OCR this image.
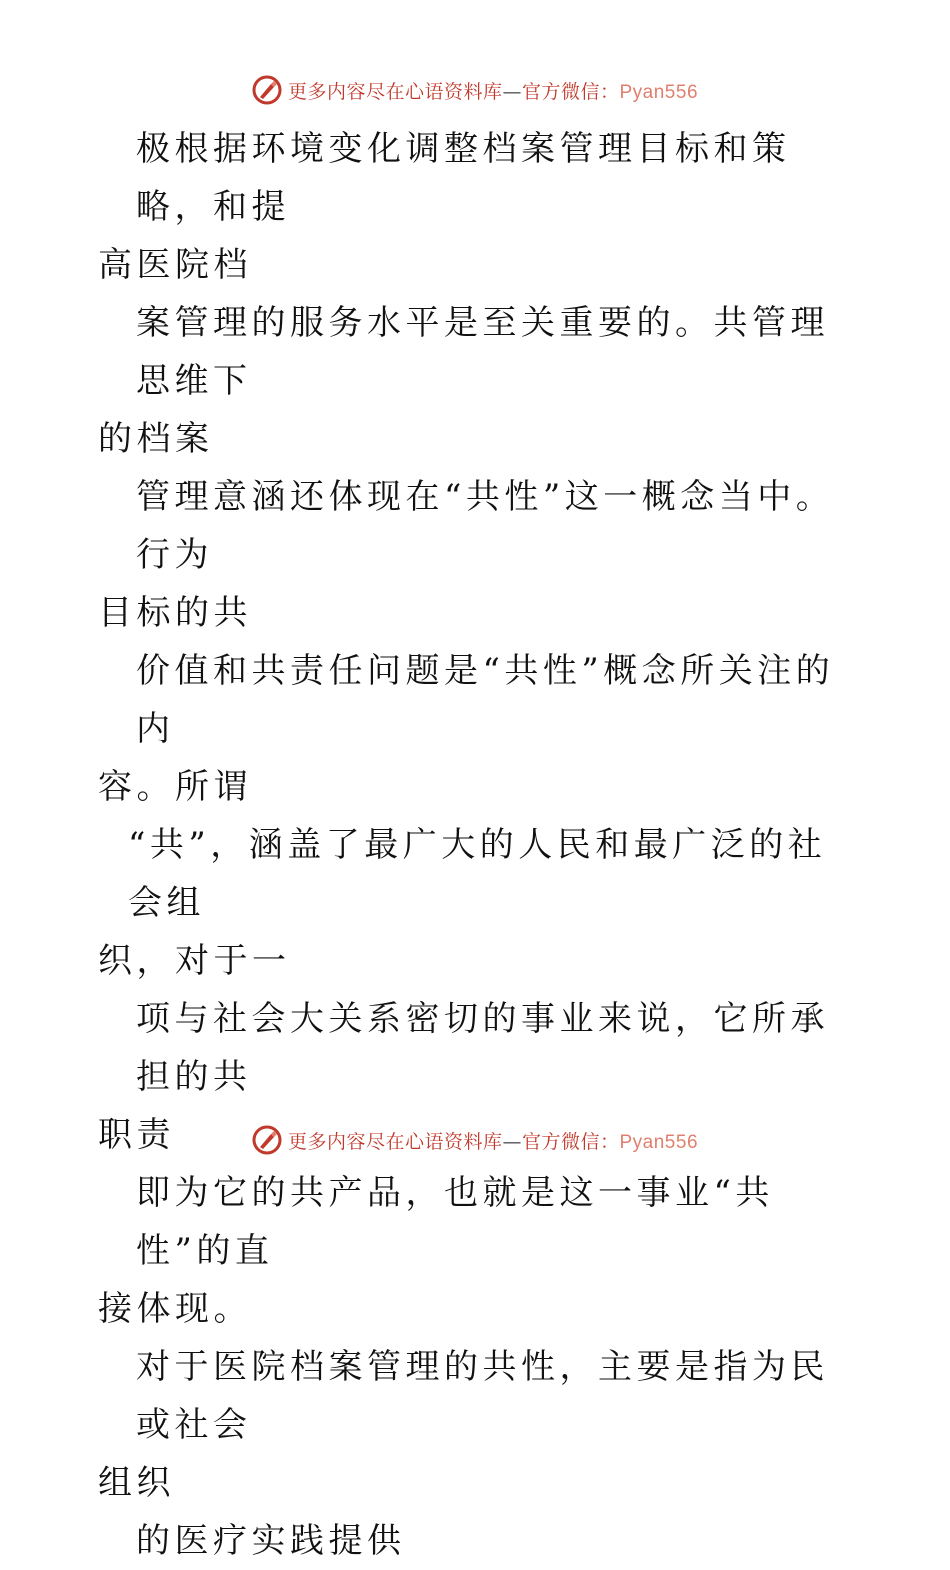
更多内容尽在心语资料库—官方微信：Pyan556
极根据环境变化调整档案管理目标和策略，和提
高医院档
案管理的服务水平是至关重要的。共管理思维下
的档案
管理意涵还体现在“共性”这一概念当中。行为
目标的共
价值和共责任问题是“共性”概念所关注的内
容。所谓
“共”，涵盖了最广大的人民和最广泛的社会组
织，对于一
项与社会大关系密切的事业来说，它所承担的共
职责
即为它的共产品，也就是这一事业“共性”的直
接体现。
对于医院档案管理的共性，主要是指为民或社会
组织
的医疗实践提供
更多内容尽在心语资料库—官方微信：Pyan556
